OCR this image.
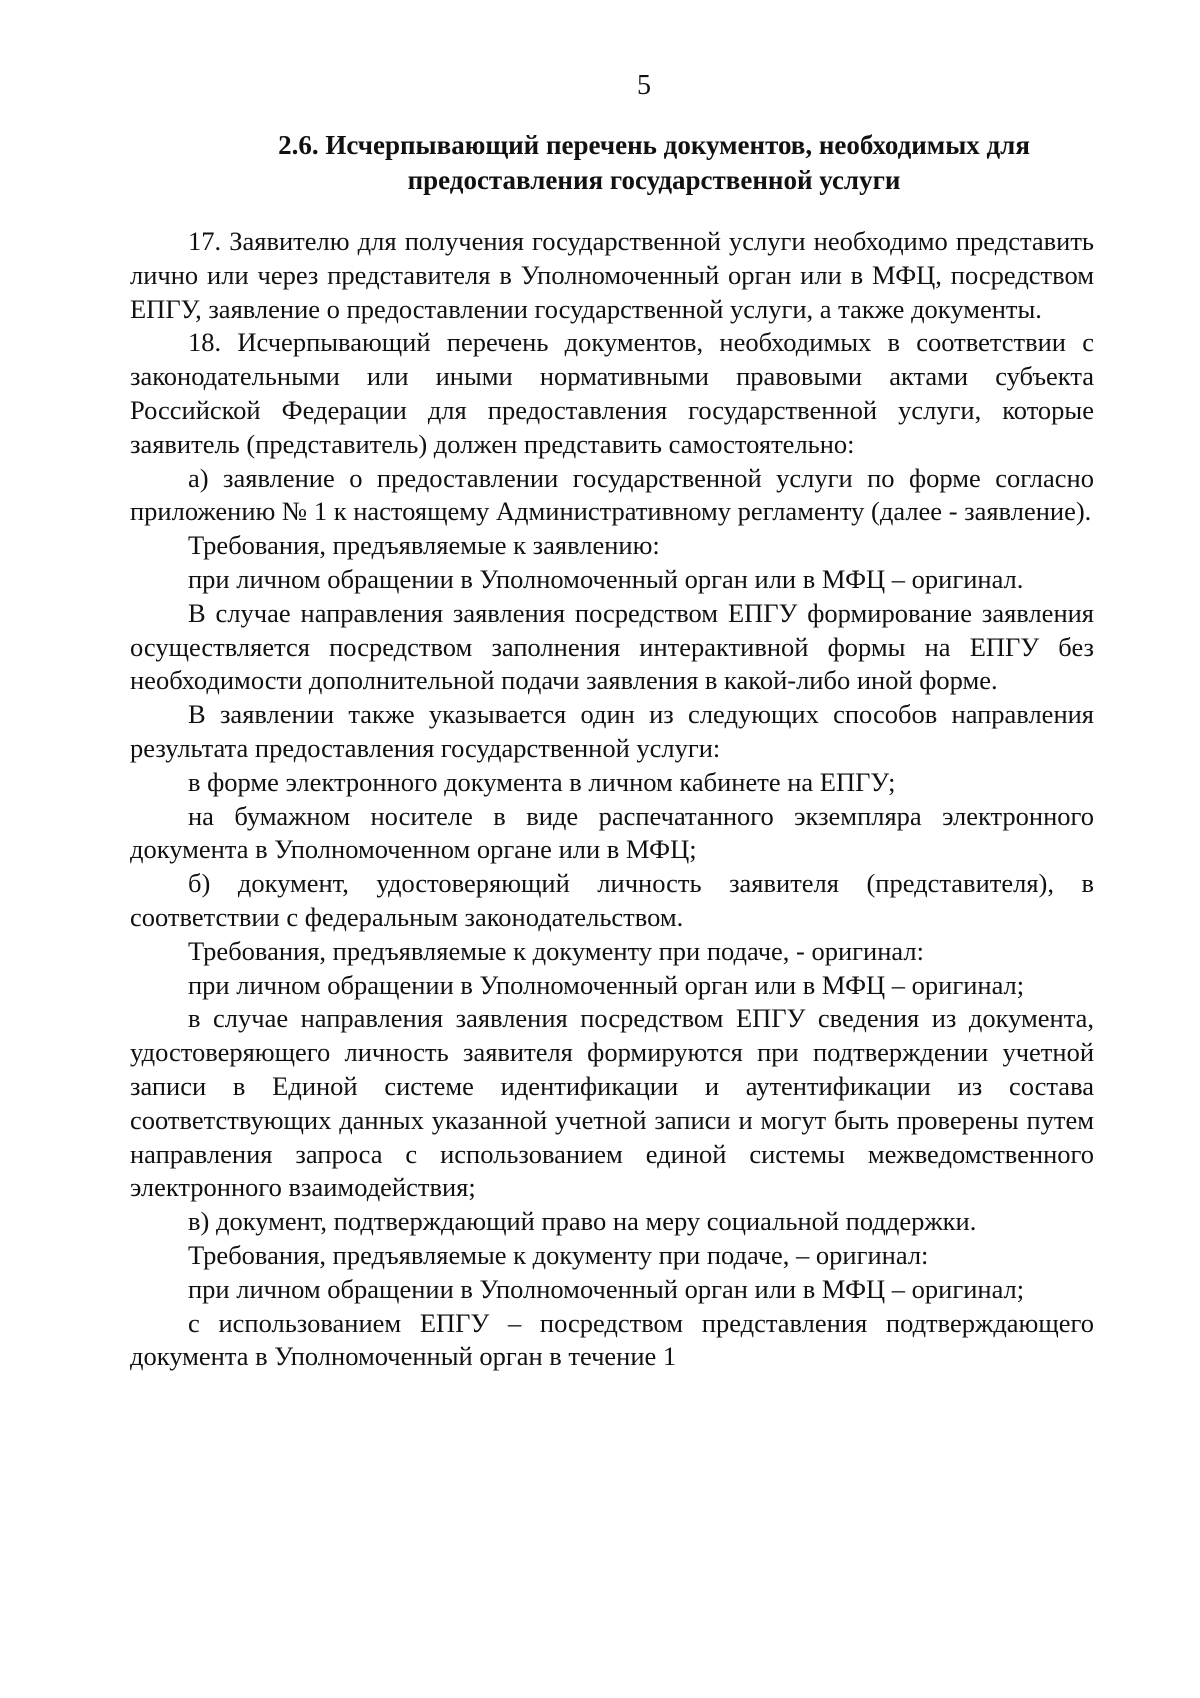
5
2.6. Исчерпывающий перечень документов, необходимых для
предоставления государственной услуги

17. Заявителю для получения государственной услуги необходимо представить лично или через представителя в Уполномоченный орган или в МФЦ, посредством ЕПГУ, заявление о предоставлении государственной услуги, а также документы.

18. Исчерпывающий перечень документов, необходимых в соответствии с законодательными или иными нормативными правовыми актами субъекта Российской Федерации для предоставления государственной услуги, которые заявитель (представитель) должен представить самостоятельно:

а) заявление о предоставлении государственной услуги по форме согласно приложению № 1 к настоящему Административному регламенту (далее - заявление).

Требования, предъявляемые к заявлению:

при личном обращении в Уполномоченный орган или в МФЦ – оригинал.

В случае направления заявления посредством ЕПГУ формирование заявления осуществляется посредством заполнения интерактивной формы на ЕПГУ без необходимости дополнительной подачи заявления в какой-либо иной форме.

В заявлении также указывается один из следующих способов направления результата предоставления государственной услуги:

в форме электронного документа в личном кабинете на ЕПГУ;

на бумажном носителе в виде распечатанного экземпляра электронного документа в Уполномоченном органе или в МФЦ;

б) документ, удостоверяющий личность заявителя (представителя), в соответствии с федеральным законодательством.

Требования, предъявляемые к документу при подаче, - оригинал:

при личном обращении в Уполномоченный орган или в МФЦ – оригинал;

в случае направления заявления посредством ЕПГУ сведения из документа, удостоверяющего личность заявителя формируются при подтверждении учетной записи в Единой системе идентификации и аутентификации из состава соответствующих данных указанной учетной записи и могут быть проверены путем направления запроса с использованием единой системы межведомственного электронного взаимодействия;

в) документ, подтверждающий право на меру социальной поддержки.

Требования, предъявляемые к документу при подаче, – оригинал:

при личном обращении в Уполномоченный орган или в МФЦ – оригинал;

с использованием ЕПГУ – посредством представления подтверждающего документа в Уполномоченный орган в течение 1
